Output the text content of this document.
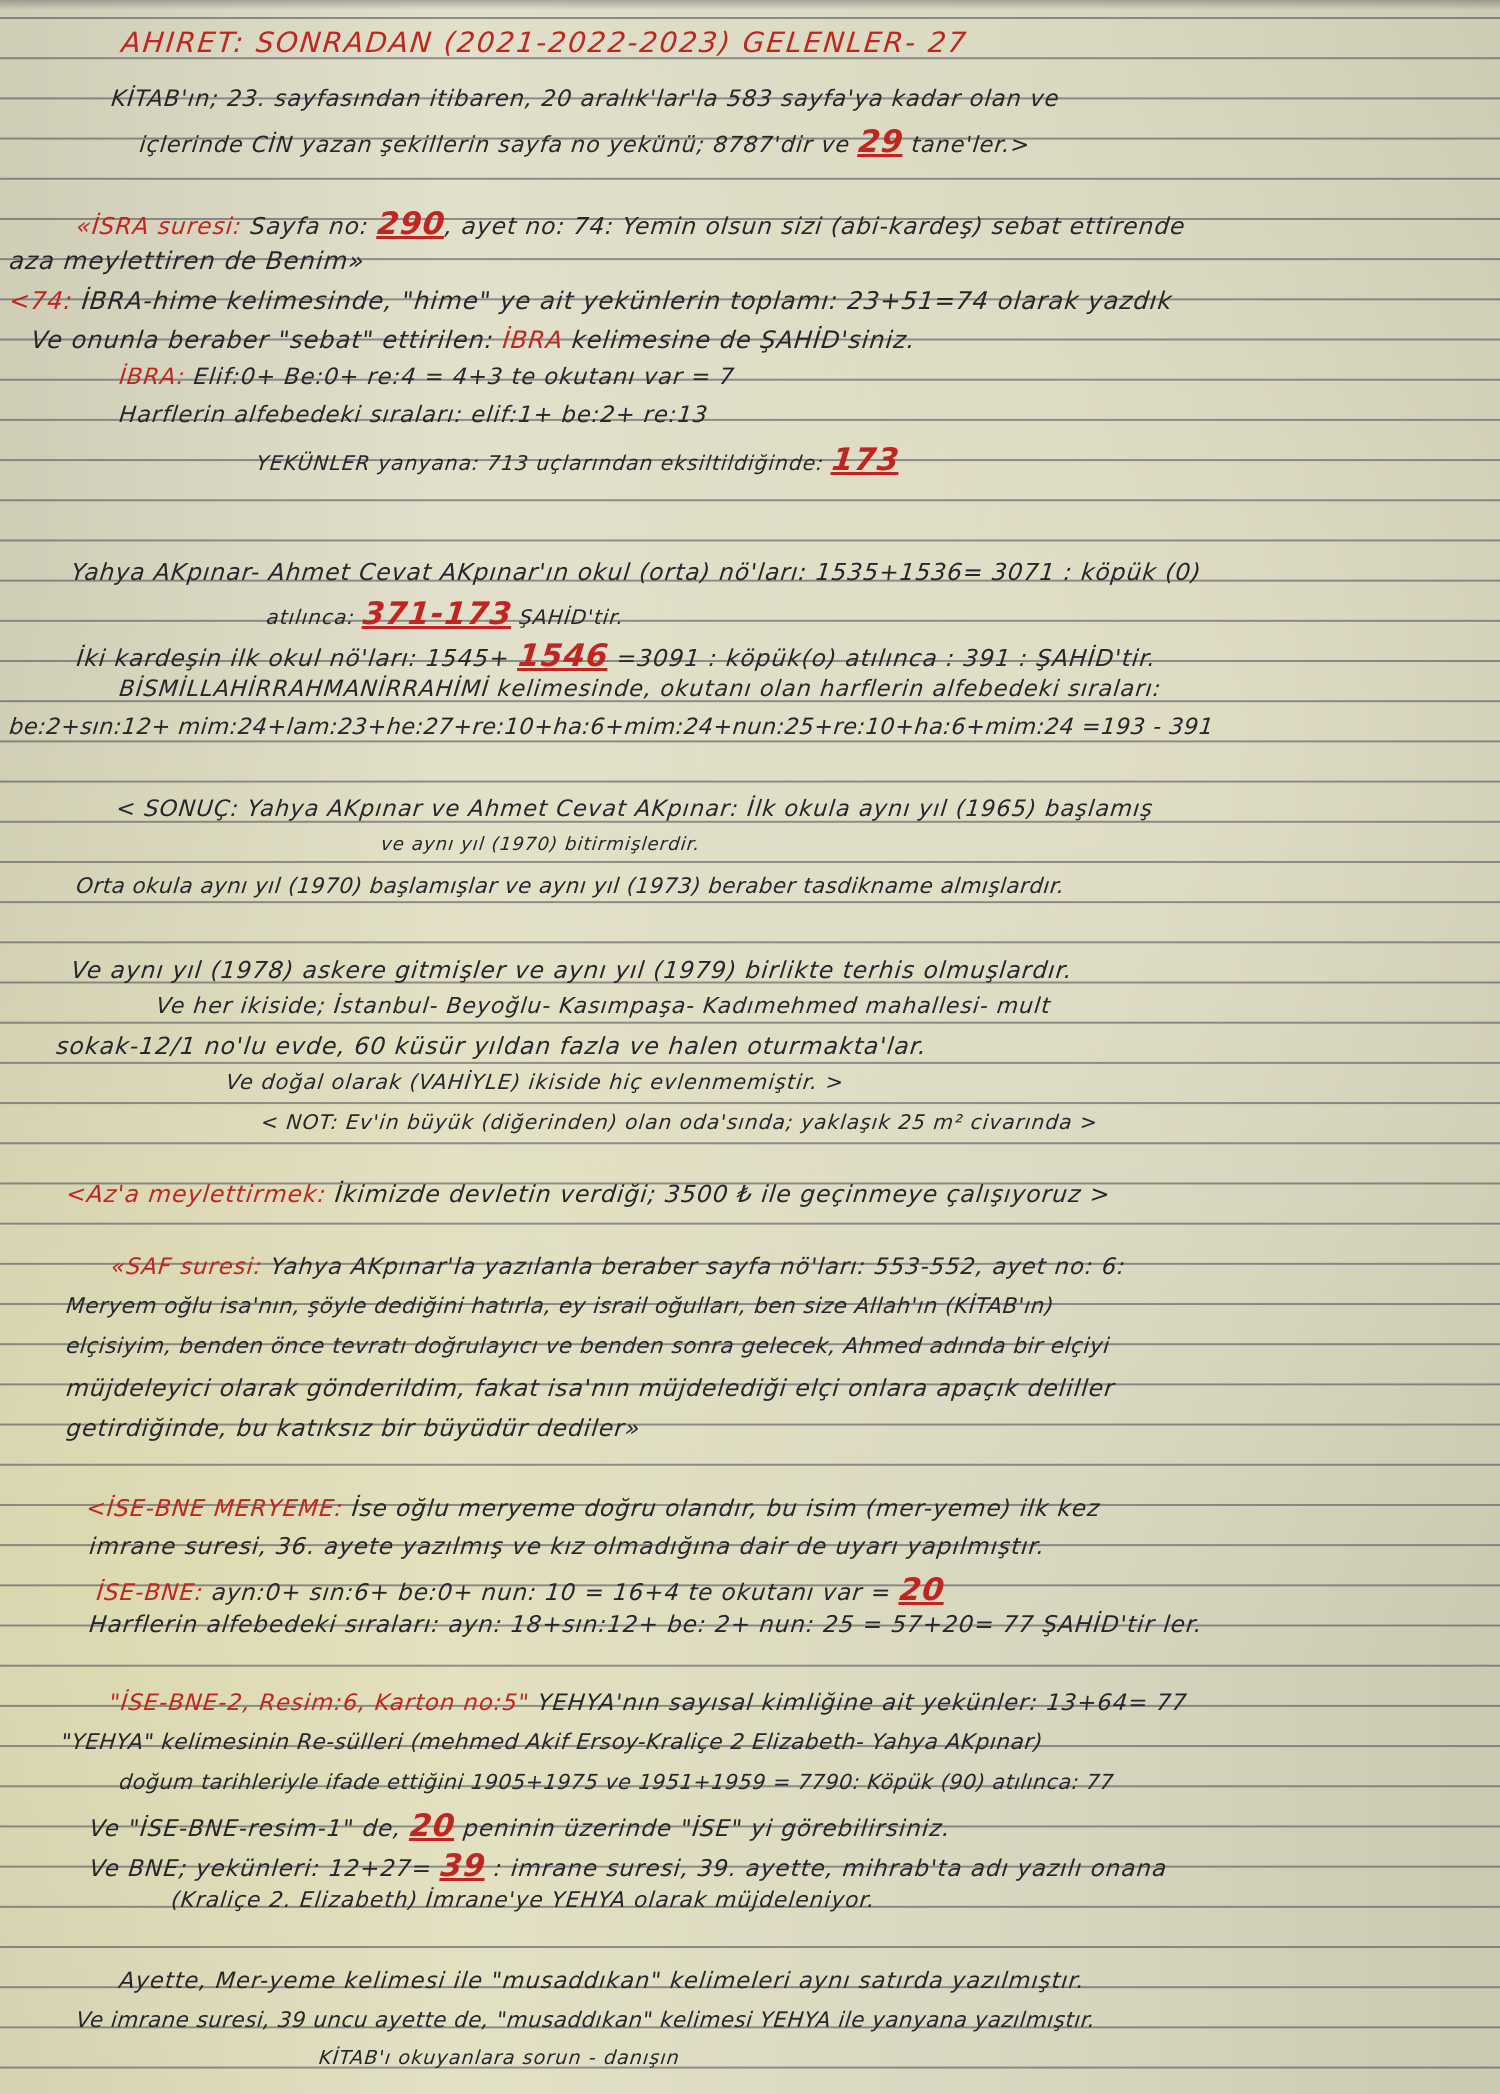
AHIRET: SONRADAN (2021-2022-2023) GELENLER- 27
KİTAB'ın; 23. sayfasından itibaren, 20 aralık'lar'la 583 sayfa'ya kadar olan ve
içlerinde CİN yazan şekillerin sayfa no yekünü; 8787'dir ve 29 tane'ler.>
«İSRA suresi: Sayfa no: 290, ayet no: 74: Yemin olsun sizi (abi-kardeş) sebat ettirende
aza meylettiren de Benim»
<74: İBRA-hime kelimesinde, "hime" ye ait yekünlerin toplamı: 23+51=74 olarak yazdık
Ve onunla beraber "sebat" ettirilen: İBRA kelimesine de ŞAHİD'siniz.
İBRA: Elif:0+ Be:0+ re:4 = 4+3 te okutanı var = 7
Harflerin alfebedeki sıraları: elif:1+ be:2+ re:13
YEKÜNLER yanyana: 713 uçlarından eksiltildiğinde: 173
Yahya AKpınar- Ahmet Cevat AKpınar'ın okul (orta) nö'ları: 1535+1536= 3071 : köpük (0)
atılınca: 371-173 ŞAHİD'tir.
İki kardeşin ilk okul nö'ları: 1545+ 1546 =3091 : köpük(o) atılınca : 391 : ŞAHİD'tir.
BİSMİLLAHİRRAHMANİRRAHİMİ kelimesinde, okutanı olan harflerin alfebedeki sıraları:
be:2+sın:12+ mim:24+lam:23+he:27+re:10+ha:6+mim:24+nun:25+re:10+ha:6+mim:24 =193 - 391
< SONUÇ: Yahya AKpınar ve Ahmet Cevat AKpınar: İlk okula aynı yıl (1965) başlamış
ve aynı yıl (1970) bitirmişlerdir.
Orta okula aynı yıl (1970) başlamışlar ve aynı yıl (1973) beraber tasdikname almışlardır.
Ve aynı yıl (1978) askere gitmişler ve aynı yıl (1979) birlikte terhis olmuşlardır.
Ve her ikiside; İstanbul- Beyoğlu- Kasımpaşa- Kadımehmed mahallesi- mult
sokak-12/1 no'lu evde, 60 küsür yıldan fazla ve halen oturmakta'lar.
Ve doğal olarak (VAHİYLE) ikiside hiç evlenmemiştir. >
< NOT: Ev'in büyük (diğerinden) olan oda'sında; yaklaşık 25 m² civarında >
<Az'a meylettirmek: İkimizde devletin verdiği; 3500 ₺ ile geçinmeye çalışıyoruz >
«SAF suresi: Yahya AKpınar'la yazılanla beraber sayfa nö'ları: 553-552, ayet no: 6:
Meryem oğlu isa'nın, şöyle dediğini hatırla, ey israil oğulları, ben size Allah'ın (KİTAB'ın)
elçisiyim, benden önce tevratı doğrulayıcı ve benden sonra gelecek, Ahmed adında bir elçiyi
müjdeleyici olarak gönderildim, fakat isa'nın müjdelediği elçi onlara apaçık deliller
getirdiğinde, bu katıksız bir büyüdür dediler»
<İSE-BNE MERYEME: İse oğlu meryeme doğru olandır, bu isim (mer-yeme) ilk kez
imrane suresi, 36. ayete yazılmış ve kız olmadığına dair de uyarı yapılmıştır.
İSE-BNE: ayn:0+ sın:6+ be:0+ nun: 10 = 16+4 te okutanı var = 20
Harflerin alfebedeki sıraları: ayn: 18+sın:12+ be: 2+ nun: 25 = 57+20= 77 ŞAHİD'tir ler.
"İSE-BNE-2, Resim:6, Karton no:5" YEHYA'nın sayısal kimliğine ait yekünler: 13+64= 77
"YEHYA" kelimesinin Re-sülleri (mehmed Akif Ersoy-Kraliçe 2 Elizabeth- Yahya AKpınar)
doğum tarihleriyle ifade ettiğini 1905+1975 ve 1951+1959 = 7790: Köpük (90) atılınca: 77
Ve "İSE-BNE-resim-1" de, 20 peninin üzerinde "İSE" yi görebilirsiniz.
Ve BNE; yekünleri: 12+27= 39 : imrane suresi, 39. ayette, mihrab'ta adı yazılı onana
(Kraliçe 2. Elizabeth) İmrane'ye YEHYA olarak müjdeleniyor.
Ayette, Mer-yeme kelimesi ile "musaddıkan" kelimeleri aynı satırda yazılmıştır.
Ve imrane suresi, 39 uncu ayette de, "musaddıkan" kelimesi YEHYA ile yanyana yazılmıştır.
KİTAB'ı okuyanlara sorun - danışın
